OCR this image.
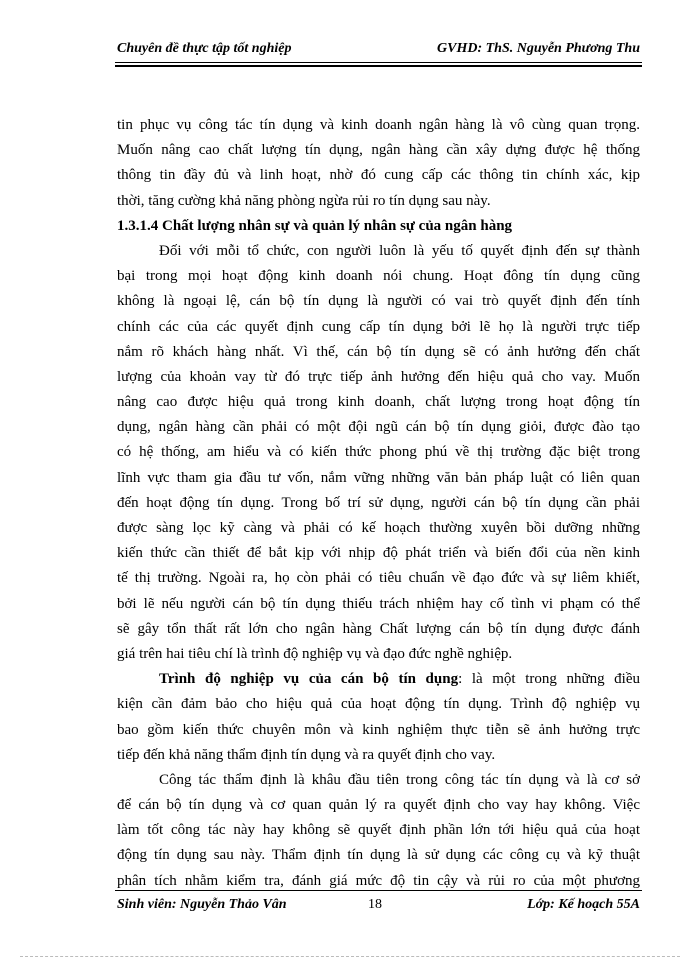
Chuyên đề thực tập tốt nghiệp	GVHD: ThS. Nguyễn Phương Thu
tin phục vụ công tác tín dụng và kinh doanh ngân hàng là vô cùng quan trọng.
Muốn nâng cao chất lượng tín dụng, ngân hàng cần xây dựng được hệ thống
thông tin đầy đủ và linh hoạt, nhờ đó cung cấp các thông tin chính xác, kịp
thời, tăng cường khả năng phòng ngừa rủi ro tín dụng sau này.
1.3.1.4 Chất lượng nhân sự và quản lý nhân sự của ngân hàng
Đối với mỗi tổ chức, con người luôn là yếu tố quyết định đến sự thành
bại trong mọi hoạt động kinh doanh nói chung. Hoạt đông tín dụng cũng
không là ngoại lệ, cán bộ tín dụng là người có vai trò quyết định đến tính
chính các của các quyết định cung cấp tín dụng bởi lẽ họ là người trực tiếp
nắm rõ khách hàng nhất. Vì thế, cán bộ tín dụng sẽ có ảnh hưởng đến chất
lượng của khoản vay từ đó trực tiếp ảnh hưởng đến hiệu quả cho vay. Muốn
nâng cao được hiệu quả trong kinh doanh, chất lượng trong hoạt động tín
dụng, ngân hàng cần phải có một đội ngũ cán bộ tín dụng giỏi, được đào tạo
có hệ thống, am hiểu và có kiến thức phong phú về thị trường đặc biệt trong
lĩnh vực tham gia đầu tư vốn, nắm vững những văn bản pháp luật có liên quan
đến hoạt động tín dụng. Trong bố trí sử dụng, người cán bộ tín dụng cần phải
được sàng lọc kỹ càng và phải có kế hoạch thường xuyên bồi dưỡng những
kiến thức cần thiết để bắt kịp với nhịp độ phát triển và biến đổi của nền kinh
tế thị trường. Ngoài ra, họ còn phải có tiêu chuẩn về đạo đức và sự liêm khiết,
bởi lẽ nếu người cán bộ tín dụng thiếu trách nhiệm hay cố tình vi phạm có thể
sẽ gây tổn thất rất lớn cho ngân hàng Chất lượng cán bộ tín dụng được đánh
giá trên hai tiêu chí là trình độ nghiệp vụ và đạo đức nghề nghiệp.
Trình độ nghiệp vụ của cán bộ tín dụng: là một trong những điều
kiện cần đảm bảo cho hiệu quả của hoạt động tín dụng. Trình độ nghiệp vụ
bao gồm kiến thức chuyên môn và kinh nghiệm thực tiễn sẽ ảnh hưởng trực
tiếp đến khả năng thẩm định tín dụng và ra quyết định cho vay.
Công tác thẩm định là khâu đầu tiên trong công tác tín dụng và là cơ sở
để cán bộ tín dụng và cơ quan quản lý ra quyết định cho vay hay không. Việc
làm tốt công tác này hay không sẽ quyết định phần lớn tới hiệu quả của hoạt
động tín dụng sau này. Thẩm định tín dụng là sử dụng các công cụ và kỹ thuật
phân tích nhằm kiểm tra, đánh giá mức độ tin cậy và rủi ro của một phương
Sinh viên: Nguyễn Thảo Vân	18	Lớp: Kế hoạch 55A
